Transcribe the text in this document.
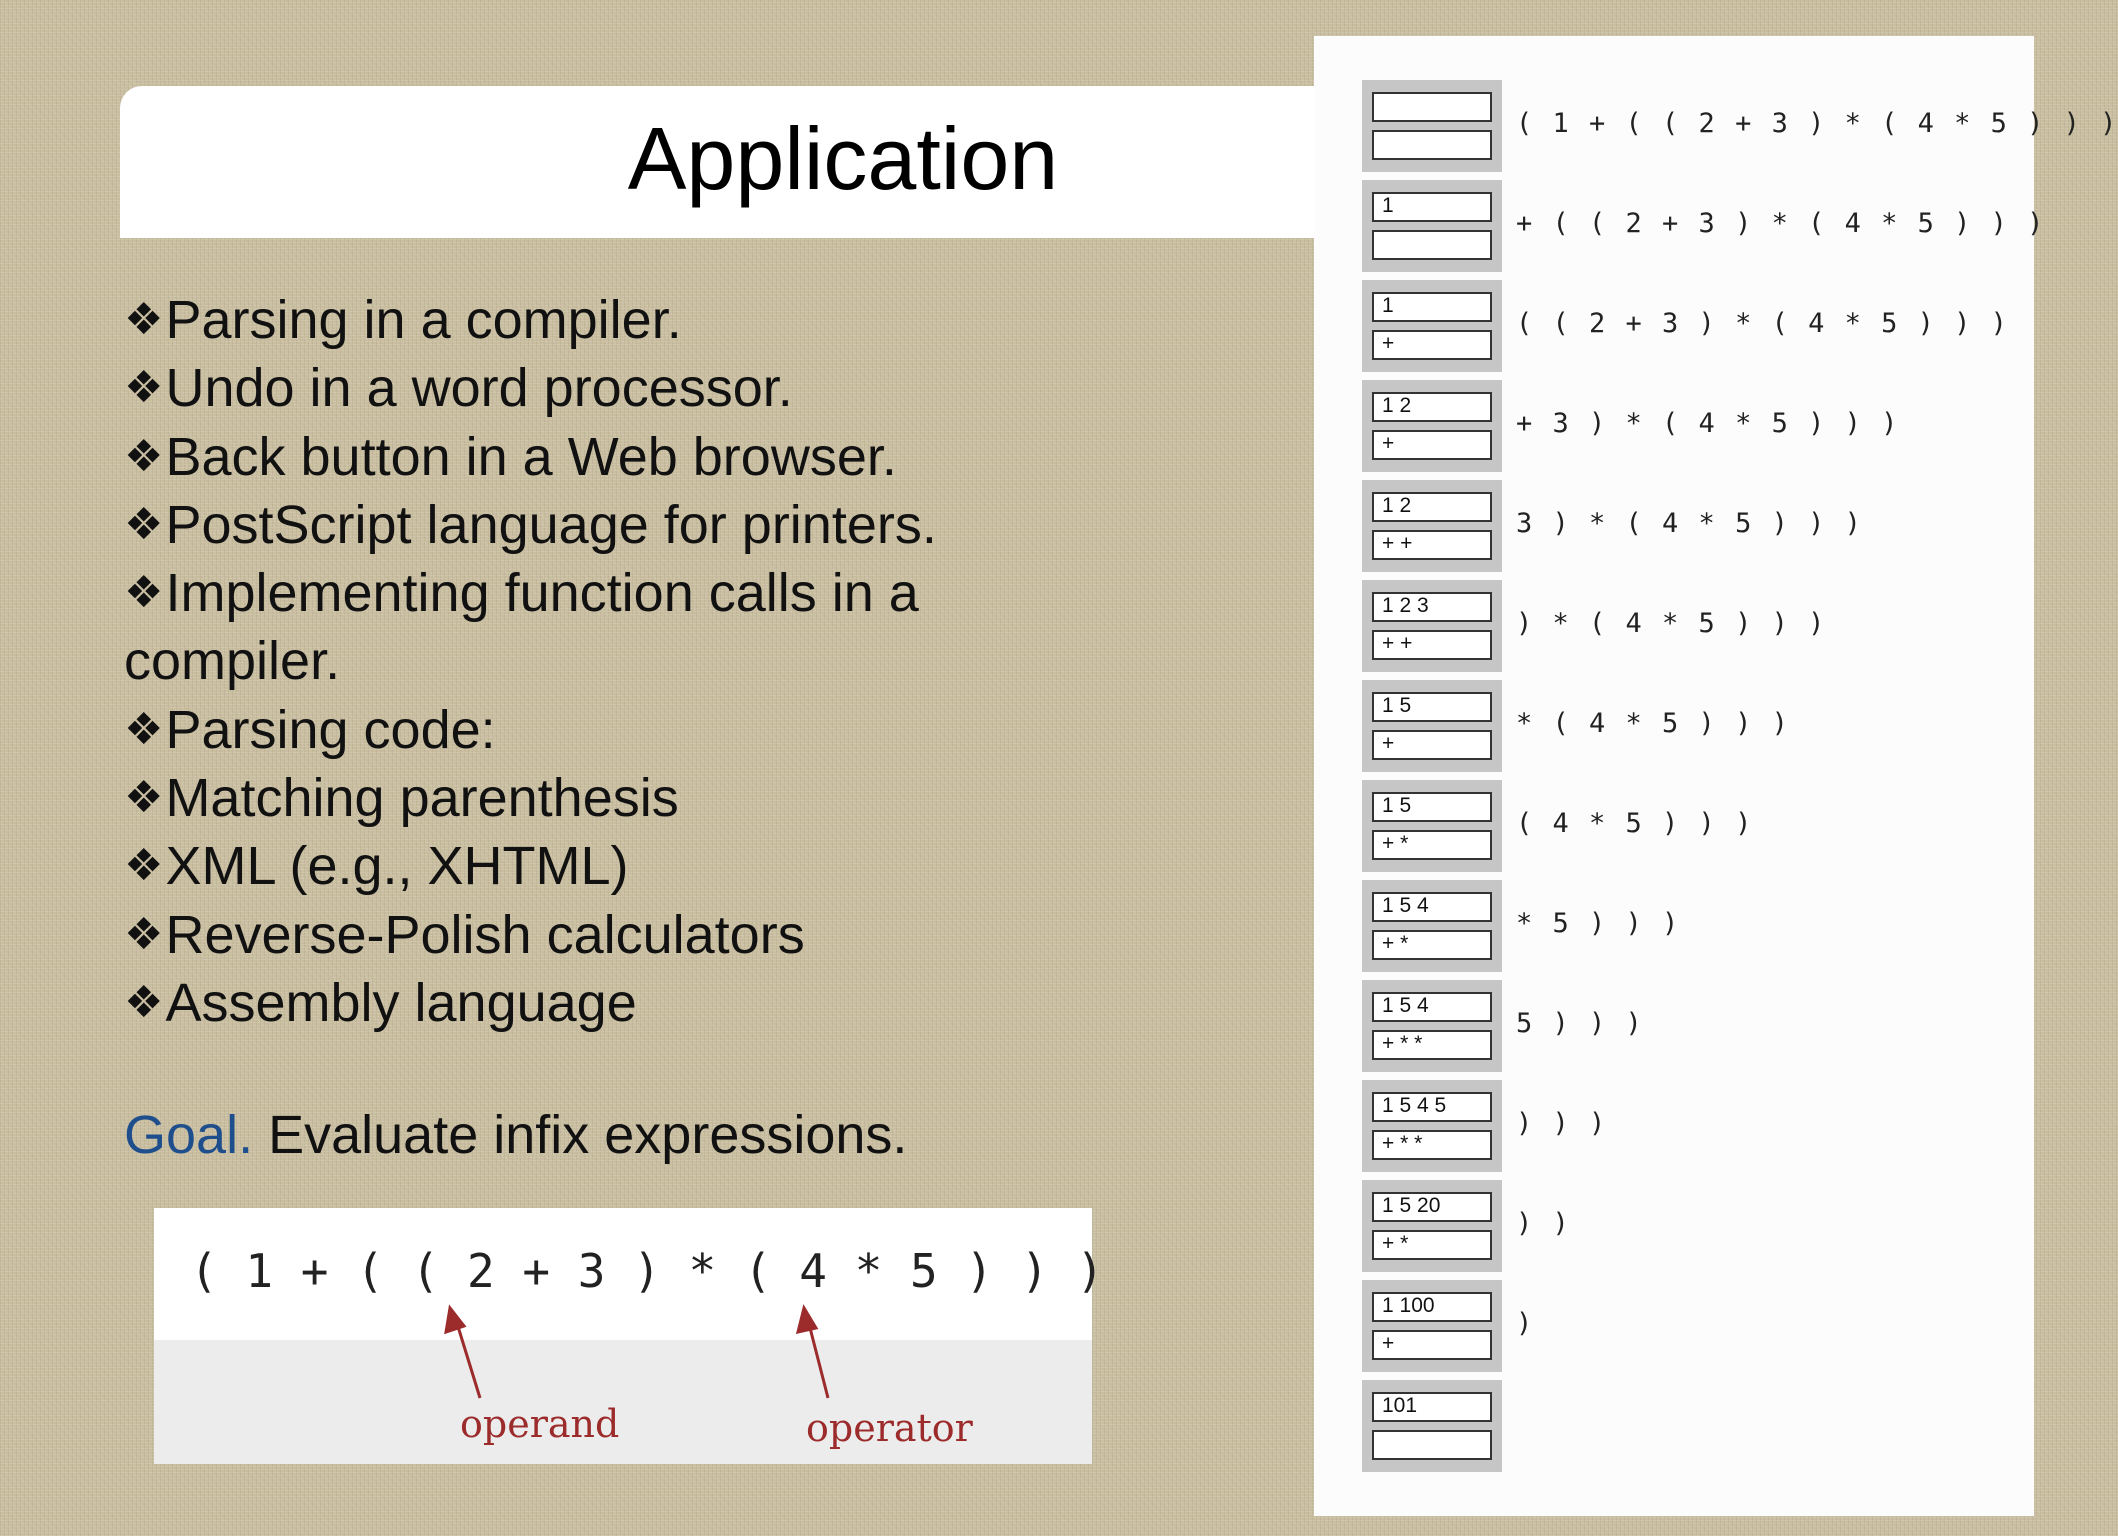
Application
❖Parsing in a compiler.
❖Undo in a word processor.
❖Back button in a Web browser.
❖PostScript language for printers.
❖Implementing function calls in a
compiler.
❖Parsing code:
❖Matching parenthesis
❖XML (e.g., XHTML)
❖Reverse-Polish calculators
❖Assembly language
Goal. Evaluate infix expressions.
( 1 + ( ( 2 + 3 ) * ( 4 * 5 ) ) )
operand	operator
( 1 + ( ( 2 + 3 ) * ( 4 * 5 ) ) )
1
+ ( ( 2 + 3 ) * ( 4 * 5 ) ) )
1
+
( ( 2 + 3 ) * ( 4 * 5 ) ) )
1 2
+
+ 3 ) * ( 4 * 5 ) ) )
1 2
+ +
3 ) * ( 4 * 5 ) ) )
1 2 3
+ +
) * ( 4 * 5 ) ) )
1 5
+
* ( 4 * 5 ) ) )
1 5
+ *
( 4 * 5 ) ) )
1 5 4
+ *
* 5 ) ) )
1 5 4
+ * *
5 ) ) )
1 5 4 5
+ * *
) ) )
1 5 20
+ *
) )
1 100
+
)
101
